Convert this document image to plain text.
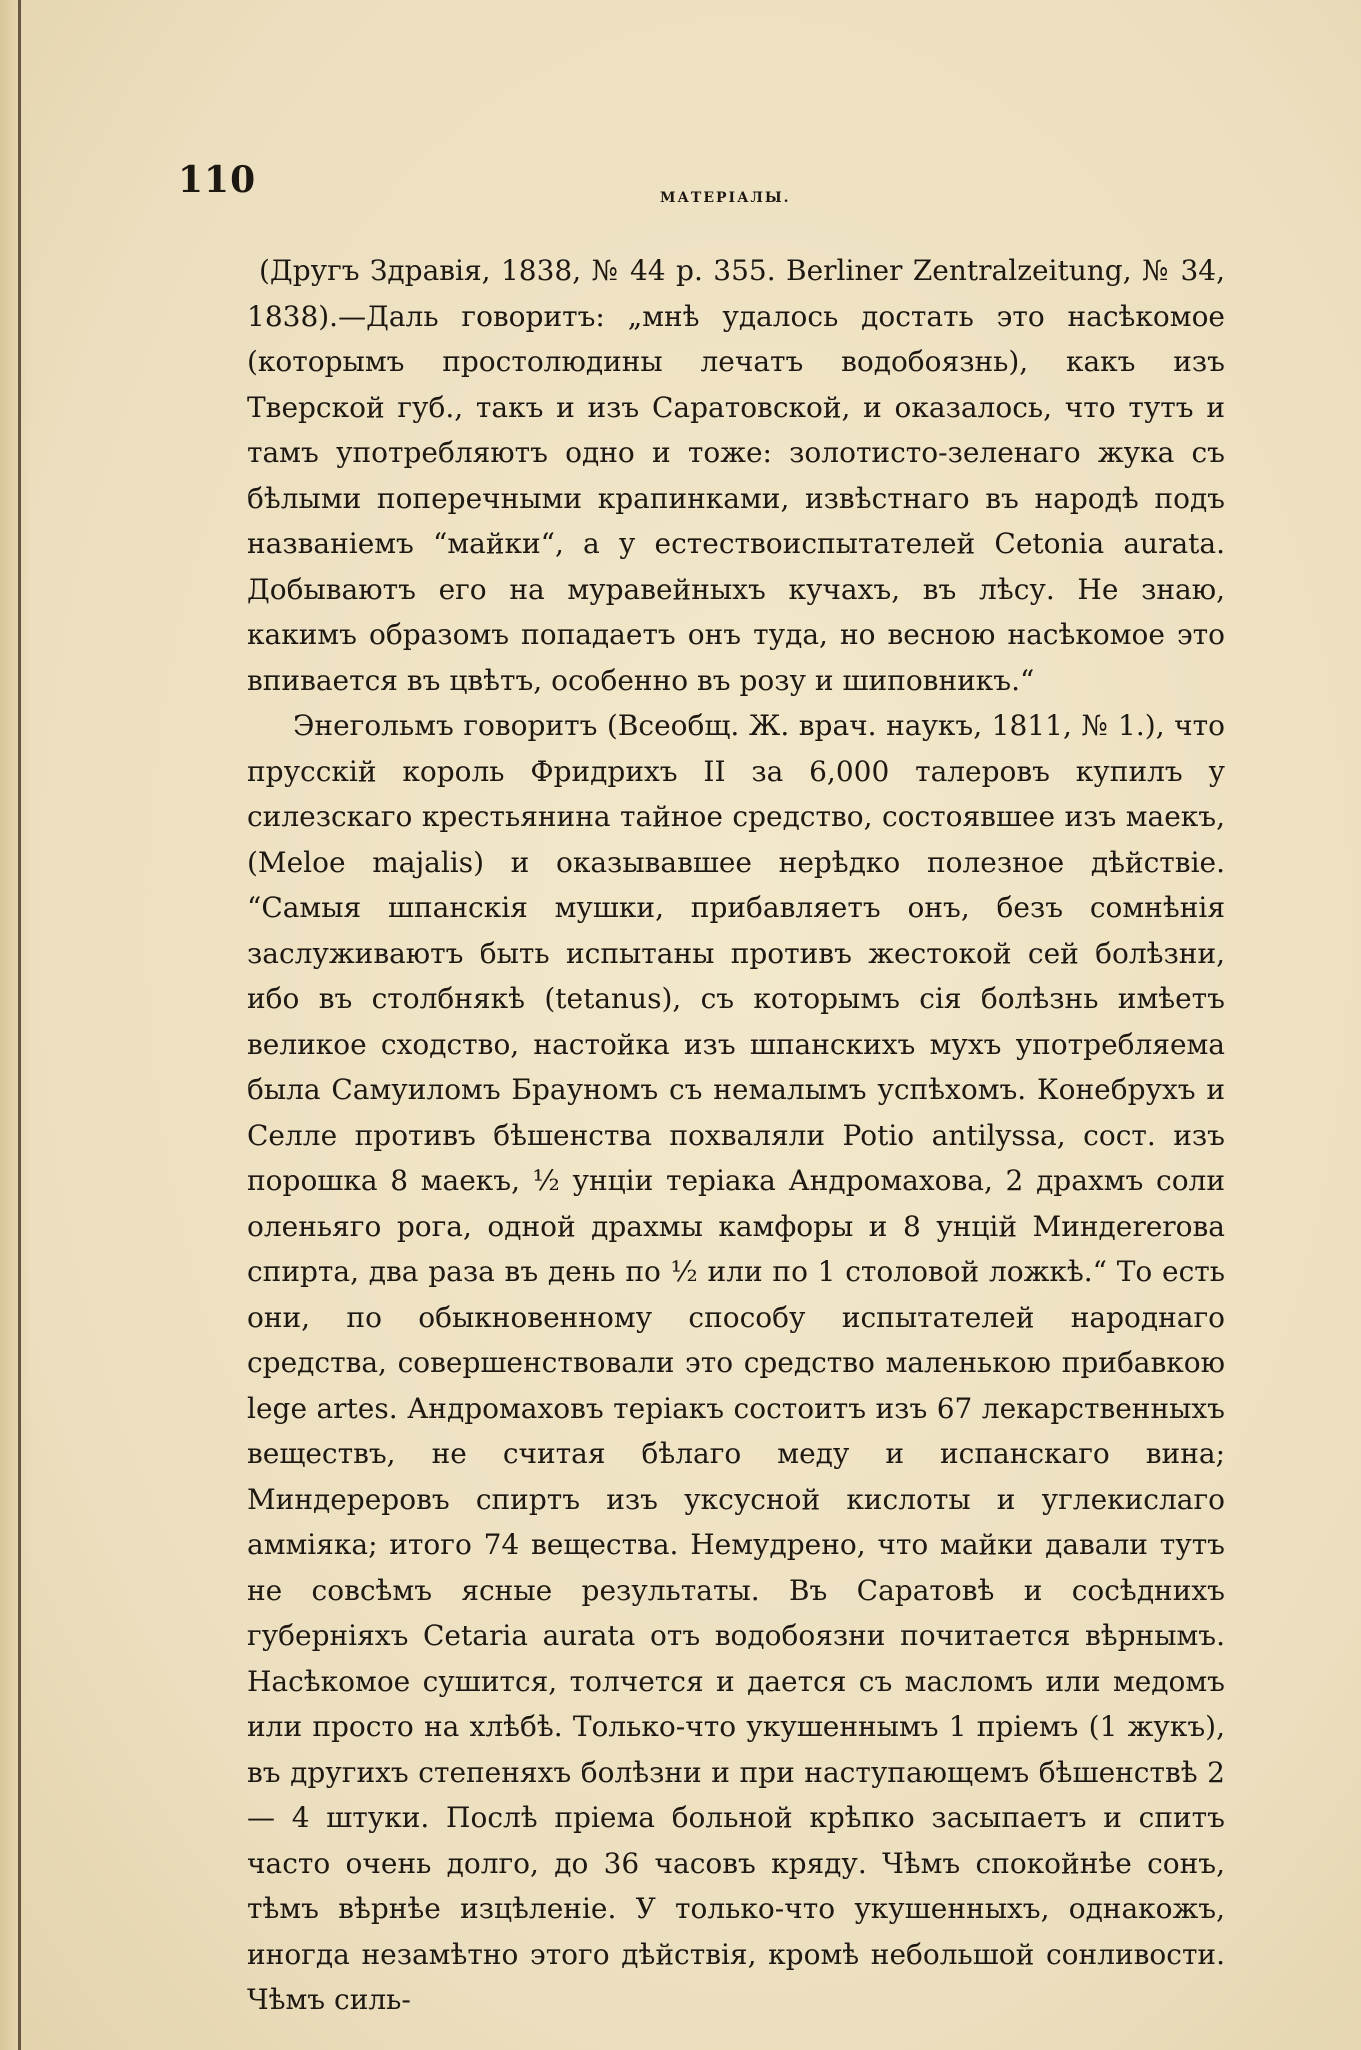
110	МАТЕРIАЛЫ.

(Другъ Здравiя, 1838, № 44 p. 355. Berliner Zentralzeitung, № 34, 1838).—Даль говоритъ: „мнѣ удалось достать это насѣкомое (которымъ простолюдины лечатъ водобоязнь), какъ изъ Тверской губ., такъ и изъ Саратовской, и оказалось, что тутъ и тамъ употребляютъ одно и тоже: золотисто-зеленаго жука съ бѣлыми поперечными крапинками, извѣстнаго въ народѣ подъ названiемъ “майки“, а у естествоиспытателей Cetonia aurata. Добываютъ его на муравейныхъ кучахъ, въ лѣсу. Не знаю, какимъ образомъ попадаетъ онъ туда, но весною насѣкомое это впивается въ цвѣтъ, особенно въ розу и шиповникъ.“

Энегольмъ говоритъ (Всеобщ. Ж. врач. наукъ, 1811, № 1.), что прусскiй король Фридрихъ II за 6,000 талеровъ купилъ у силезскаго крестьянина тайное средство, состоявшее изъ маекъ, (Meloe majalis) и оказывавшее нерѣдко полезное дѣйствiе. “Самыя шпанскiя мушки, прибавляетъ онъ, безъ сомнѣнiя заслуживаютъ быть испытаны противъ жестокой сей болѣзни, ибо въ столбнякѣ (tetanus), съ которымъ сiя болѣзнь имѣетъ великое сходство, настойка изъ шпанскихъ мухъ употребляема была Самуиломъ Брауномъ съ немалымъ успѣхомъ. Конебрухъ и Селле противъ бѣшенства похваляли Potio antilyssa, сост. изъ порошка 8 маекъ, ½ унцiи терiака Андромахова, 2 драхмъ соли оленьяго рога, одной драхмы камфоры и 8 унцiй Миндererова спирта, два раза въ день по ½ или по 1 столовой ложкѣ.“ То есть они, по обыкновенному способу испытателей народнаго средства, совершенствовали это средство маленькою прибавкою lege artes. Андромаховъ терiакъ состоитъ изъ 67 лекарственныхъ веществъ, не считая бѣлаго меду и испанскаго вина; Миндереровъ спиртъ изъ уксусной кислоты и углекислаго аммiяка; итого 74 вещества. Немудрено, что майки давали тутъ не совсѣмъ ясные результаты. Въ Саратовѣ и сосѣднихъ губернiяхъ Cetaria aurata отъ водобоязни почитается вѣрнымъ. Насѣкомое сушится, толчется и дается съ масломъ или медомъ или просто на хлѣбѣ. Только-что укушеннымъ 1 прiемъ (1 жукъ), въ другихъ степеняхъ болѣзни и при наступающемъ бѣшенствѣ 2 — 4 штуки. Послѣ прiема больной крѣпко засыпаетъ и спитъ часто очень долго, до 36 часовъ кряду. Чѣмъ спокойнѣе сонъ, тѣмъ вѣрнѣе изцѣленiе. У только-что укушенныхъ, однакожъ, иногда незамѣтно этого дѣйствiя, кромѣ небольшой сонливости. Чѣмъ силь-
